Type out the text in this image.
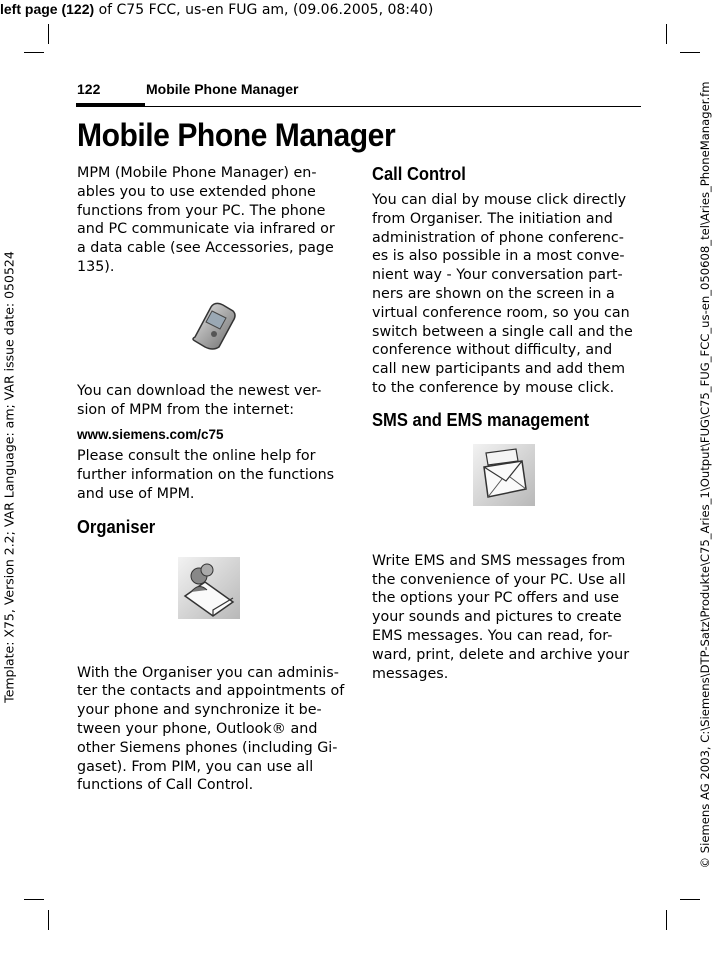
left page (122) of C75 FCC, us-en FUG am, (09.06.2005, 08:40)
Template: X75, Version 2.2; VAR Language: am; VAR issue date: 050524	© Siemens AG 2003, C:\Siemens\DTP-Satz\Produkte\C75_Aries_1\Output\FUG\C75_FUG_FCC_us-en_050608_tel\Aries_PhoneManager.fm
122	Mobile Phone Manager
Mobile Phone Manager

MPM (Mobile Phone Manager) en-ables you to use extended phone functions from your PC. The phone and PC communicate via infrared or a data cable (see Accessories, page 135).

You can download the newest ver-sion of MPM from the internet:

www.siemens.com/c75

Please consult the online help for further information on the functions and use of MPM.

Organiser

With the Organiser you can adminis-ter the contacts and appointments of your phone and synchronize it be-tween your phone, Outlook® and other Siemens phones (including Gi-gaset). From PIM, you can use all functions of Call Control.

Call Control

You can dial by mouse click directly from Organiser. The initiation and administration of phone conferenc-es is also possible in a most conve-nient way - Your conversation part-ners are shown on the screen in a virtual conference room, so you can switch between a single call and the conference without difficulty, and call new participants and add them to the conference by mouse click.

SMS and EMS management

Write EMS and SMS messages from the convenience of your PC. Use all the options your PC offers and use your sounds and pictures to create EMS messages. You can read, for-ward, print, delete and archive your messages.
